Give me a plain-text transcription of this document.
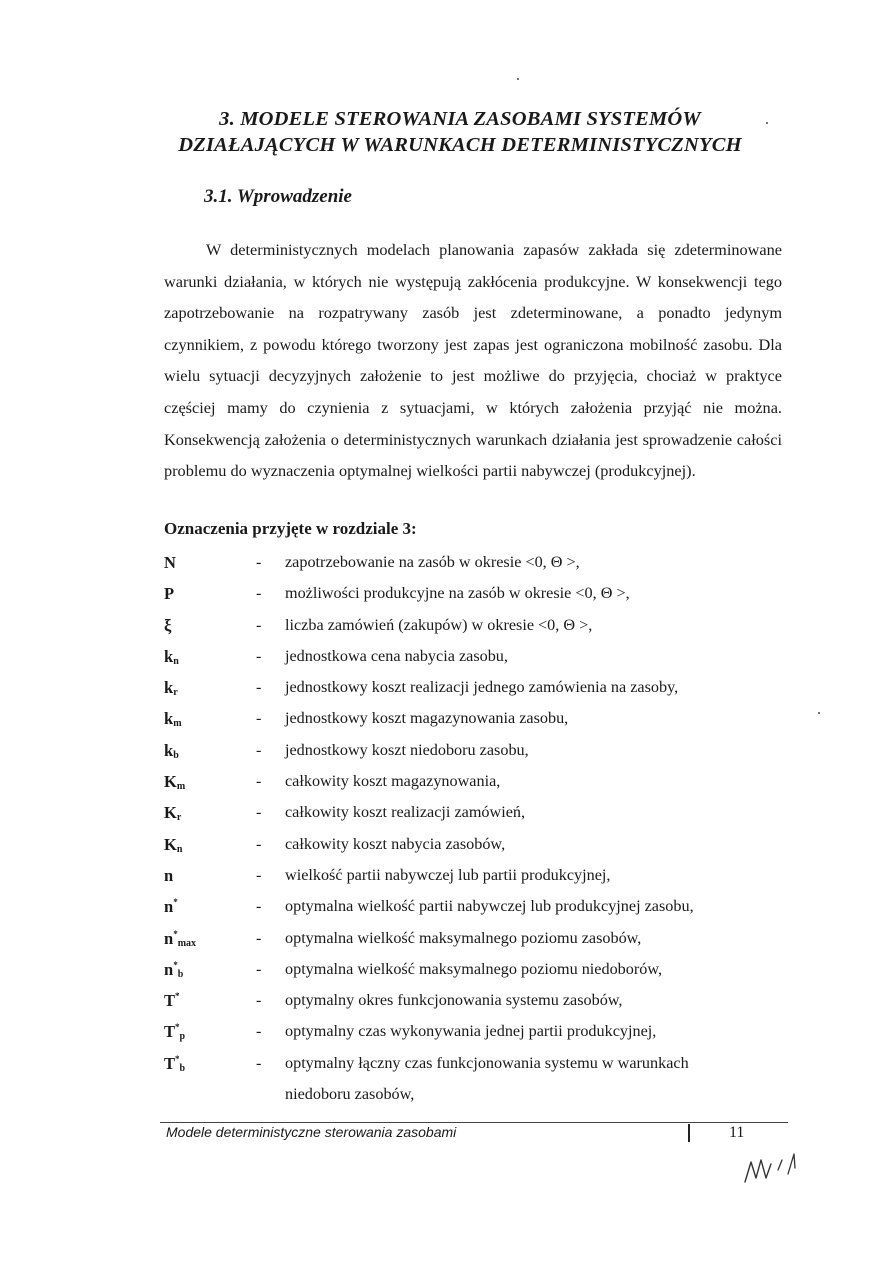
3. MODELE STEROWANIA ZASOBAMI SYSTEMÓW
DZIAŁAJĄCYCH W WARUNKACH DETERMINISTYCZNYCH
3.1. Wprowadzenie
W deterministycznych modelach planowania zapasów zakłada się zdeterminowane warunki działania, w których nie występują zakłócenia produkcyjne. W konsekwencji tego zapotrzebowanie na rozpatrywany zasób jest zdeterminowane, a ponadto jedynym czynnikiem, z powodu którego tworzony jest zapas jest ograniczona mobilność zasobu. Dla wielu sytuacji decyzyjnych założenie to jest możliwe do przyjęcia, chociaż w praktyce częściej mamy do czynienia z sytuacjami, w których założenia przyjąć nie można. Konsekwencją założenia o deterministycznych warunkach działania jest sprowadzenie całości problemu do wyznaczenia optymalnej wielkości partii nabywczej (produkcyjnej).
Oznaczenia przyjęte w rozdziale 3:
N	- zapotrzebowanie na zasób w okresie <0, Θ >,
P	- możliwości produkcyjne na zasób w okresie <0, Θ >,
ξ	- liczba zamówień (zakupów) w okresie <0, Θ >,
$k_n$	- jednostkowa cena nabycia zasobu,
$k_r$	- jednostkowy koszt realizacji jednego zamówienia na zasoby,
$k_m$	- jednostkowy koszt magazynowania zasobu,
$k_b$	- jednostkowy koszt niedoboru zasobu,
$K_m$	- całkowity koszt magazynowania,
$K_r$	- całkowity koszt realizacji zamówień,
$K_n$	- całkowity koszt nabycia zasobów,
n	- wielkość partii nabywczej lub partii produkcyjnej,
n*	- optymalna wielkość partii nabywczej lub produkcyjnej zasobu,
$n^*_{max}$	- optymalna wielkość maksymalnego poziomu zasobów,
$n^*_b$	- optymalna wielkość maksymalnego poziomu niedoborów,
T*	- optymalny okres funkcjonowania systemu zasobów,
$T^*_p$	- optymalny czas wykonywania jednej partii produkcyjnej,
$T^*_b$	- optymalny łączny czas funkcjonowania systemu w warunkach niedoboru zasobów,
Modele deterministyczne sterowania zasobami	11
